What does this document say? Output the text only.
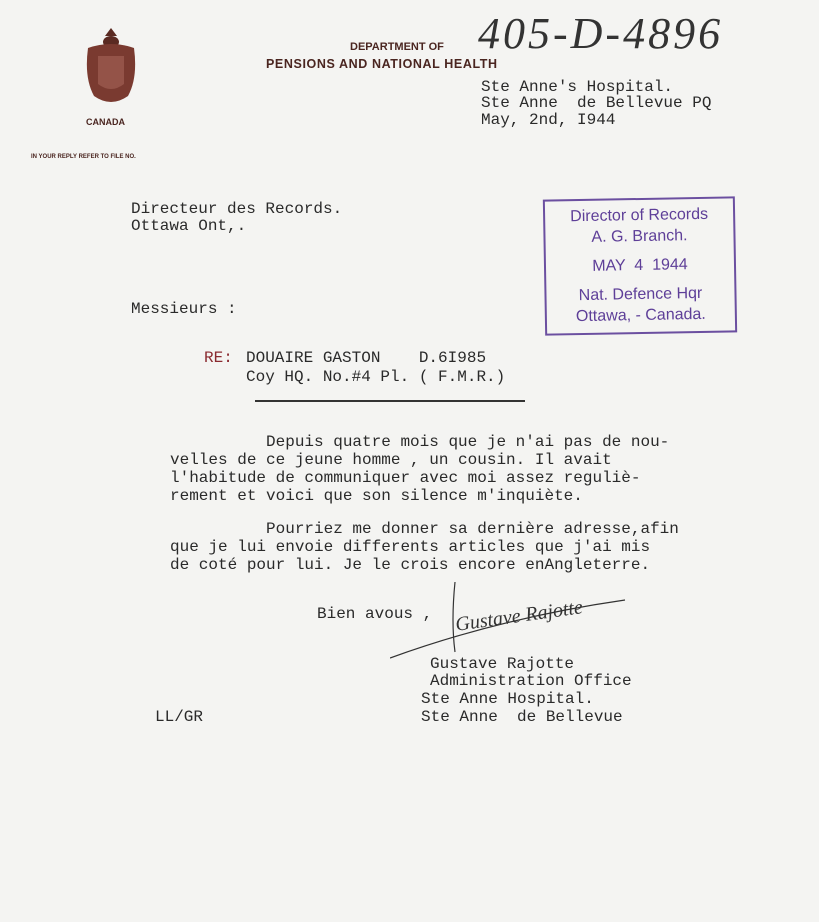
405-D-4896
CANADA
DEPARTMENT OF
PENSIONS AND NATIONAL HEALTH
IN YOUR REPLY REFER TO FILE NO.
Ste Anne's Hospital.
Ste Anne  de Bellevue PQ
May, 2nd, I944
Directeur des Records.
Ottawa Ont,.
Director of Records
A. G. Branch.
MAY  4  1944
Nat. Defence Hqr
Ottawa, - Canada.
Messieurs :
RE: DOUAIRE GASTON    D.6I985
Coy HQ. No.#4 Pl. ( F.M.R.)
Depuis quatre mois que je n'ai pas de nou-
velles de ce jeune homme , un cousin. Il avait
l'habitude de communiquer avec moi assez reguliè-
rement et voici que son silence m'inquiète.
Pourriez me donner sa dernière adresse,afin
que je lui envoie differents articles que j'ai mis
de coté pour lui. Je le crois encore enAngleterre.
Bien avous , Gustave Rajotte
Gustave Rajotte
Administration Office
Ste Anne Hospital.
Ste Anne  de Bellevue
LL/GR
